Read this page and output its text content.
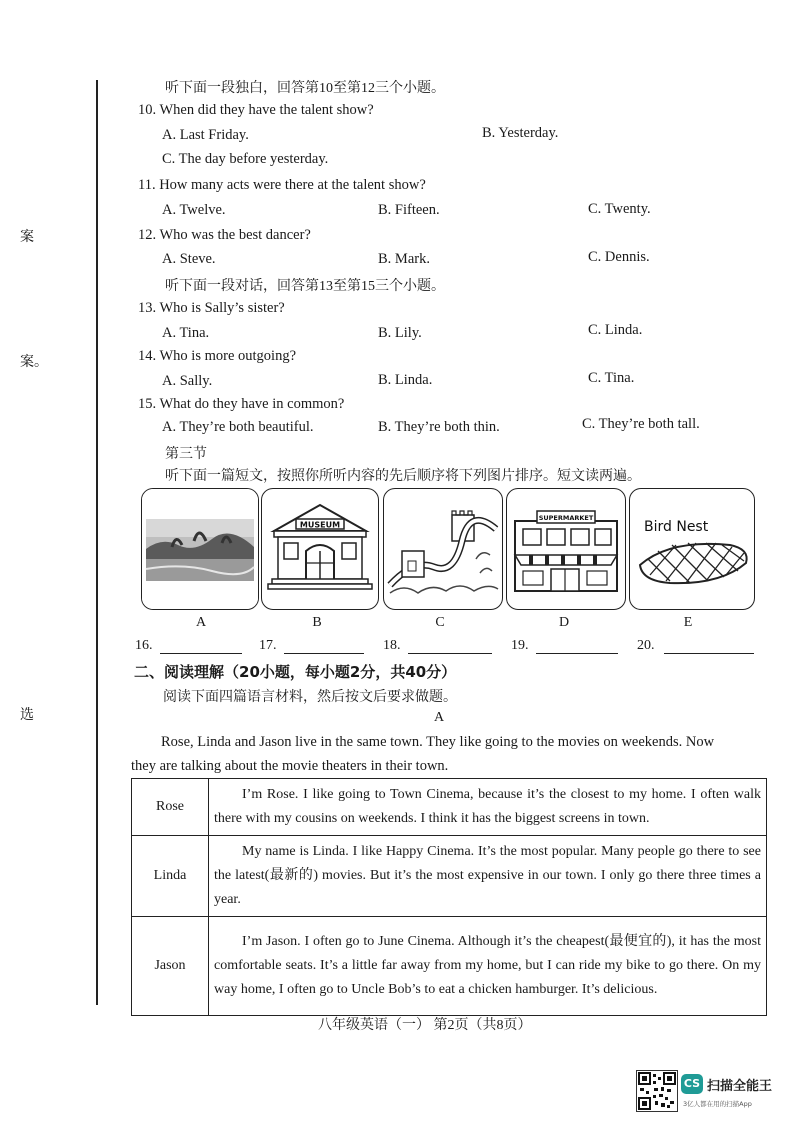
案
案。
选
听下面一段独白，回答第10至第12三个小题。
10. When did they have the talent show?
A. Last Friday.	B. Yesterday.
C. The day before yesterday.
11. How many acts were there at the talent show?
A. Twelve.	B. Fifteen.	C. Twenty.
12. Who was the best dancer?
A. Steve.	B. Mark.	C. Dennis.
听下面一段对话，回答第13至第15三个小题。
13. Who is Sally’s sister?
A. Tina.	B. Lily.	C. Linda.
14. Who is more outgoing?
A. Sally.	B. Linda.	C. Tina.
15. What do they have in common?
A. They’re both beautiful.	B. They’re both thin.	C. They’re both tall.
第三节
听下面一篇短文，按照你所听内容的先后顺序将下列图片排序。短文读两遍。
MUSEUM
SUPERMARKET
Bird Nest
A	B	C	D	E
16.	17.	18.	19.	20.
二、阅读理解（20小题，每小题2分，共40分）
阅读下面四篇语言材料，然后按文后要求做题。
A
Rose, Linda and Jason live in the same town. They like going to the movies on weekends. Now
they are talking about the movie theaters in their town.
Rose	I’m Rose. I like going to Town Cinema, because it’s the closest to my home. I often walk there with my cousins on weekends. I think it has the biggest screens in town.
Linda	My name is Linda. I like Happy Cinema. It’s the most popular. Many people go there to see the latest(最新的) movies. But it’s the most expensive in our town. I only go there three times a year.
Jason	I’m Jason. I often go to June Cinema. Although it’s the cheapest(最便宜的), it has the most comfortable seats. It’s a little far away from my home, but I can ride my bike to go there. On my way home, I often go to Uncle Bob’s to eat a chicken hamburger. It’s delicious.
八年级英语（一） 第2页（共8页）
CS 扫描全能王
3亿人都在用的扫描App
